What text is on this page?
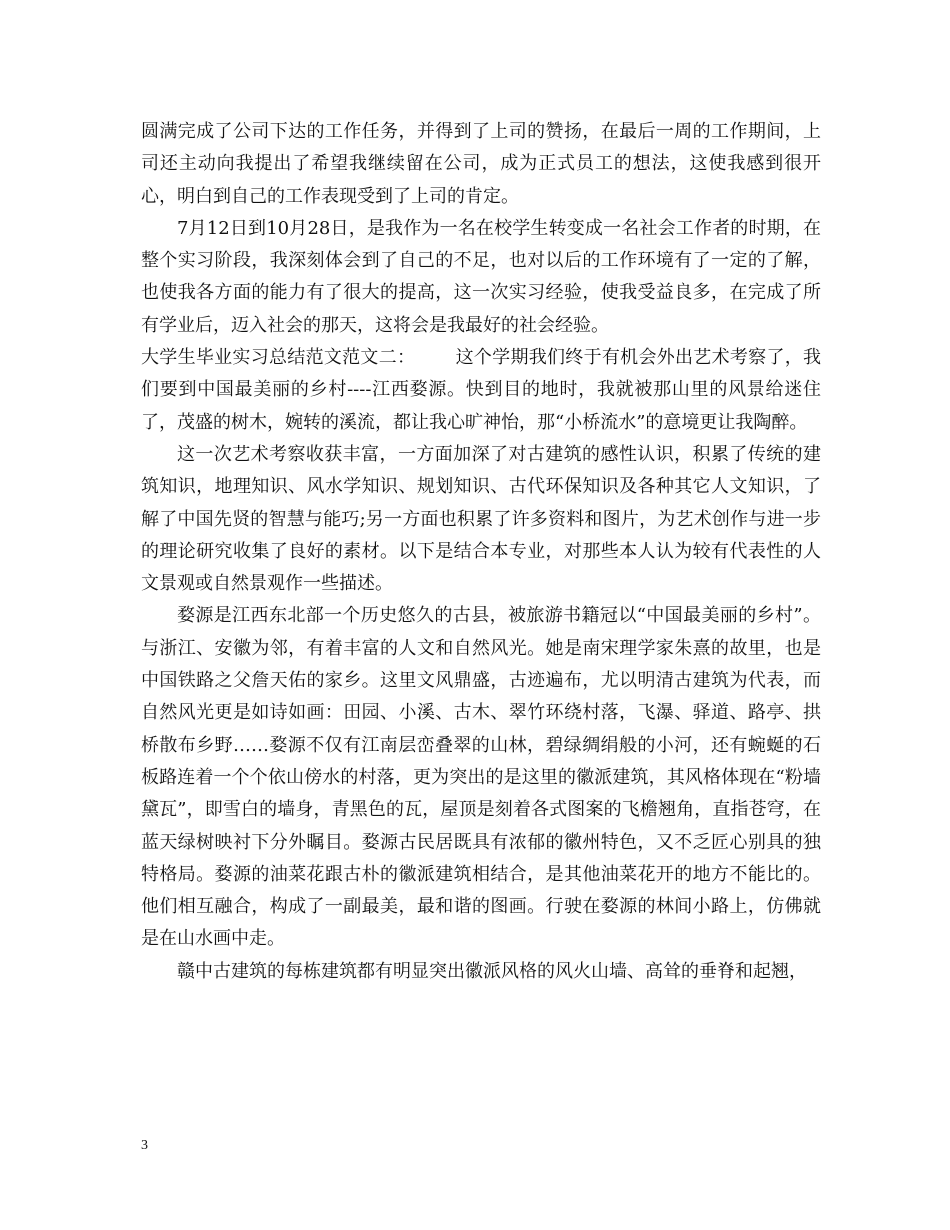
圆满完成了公司下达的工作任务，并得到了上司的赞扬，在最后一周的工作期间，上司还主动向我提出了希望我继续留在公司，成为正式员工的想法，这使我感到很开心，明白到自己的工作表现受到了上司的肯定。

7月12日到10月28日，是我作为一名在校学生转变成一名社会工作者的时期，在整个实习阶段，我深刻体会到了自己的不足，也对以后的工作环境有了一定的了解，也使我各方面的能力有了很大的提高，这一次实习经验，使我受益良多，在完成了所有学业后，迈入社会的那天，这将会是我最好的社会经验。

大学生毕业实习总结范文范文二： 这个学期我们终于有机会外出艺术考察了，我们要到中国最美丽的乡村----江西婺源。快到目的地时，我就被那山里的风景给迷住了，茂盛的树木，婉转的溪流，都让我心旷神怡，那“小桥流水”的意境更让我陶醉。

这一次艺术考察收获丰富，一方面加深了对古建筑的感性认识，积累了传统的建筑知识，地理知识、风水学知识、规划知识、古代环保知识及各种其它人文知识，了解了中国先贤的智慧与能巧;另一方面也积累了许多资料和图片，为艺术创作与进一步的理论研究收集了良好的素材。以下是结合本专业，对那些本人认为较有代表性的人文景观或自然景观作一些描述。

婺源是江西东北部一个历史悠久的古县，被旅游书籍冠以“中国最美丽的乡村”。与浙江、安徽为邻，有着丰富的人文和自然风光。她是南宋理学家朱熹的故里，也是中国铁路之父詹天佑的家乡。这里文风鼎盛，古迹遍布，尤以明清古建筑为代表，而自然风光更是如诗如画：田园、小溪、古木、翠竹环绕村落，飞瀑、驿道、路亭、拱桥散布乡野……婺源不仅有江南层峦叠翠的山林，碧绿绸绢般的小河，还有蜿蜒的石板路连着一个个依山傍水的村落，更为突出的是这里的徽派建筑，其风格体现在“粉墙黛瓦”，即雪白的墙身，青黑色的瓦，屋顶是刻着各式图案的飞檐翘角，直指苍穹，在蓝天绿树映衬下分外瞩目。婺源古民居既具有浓郁的徽州特色，又不乏匠心别具的独特格局。婺源的油菜花跟古朴的徽派建筑相结合，是其他油菜花开的地方不能比的。他们相互融合，构成了一副最美，最和谐的图画。行驶在婺源的林间小路上，仿佛就是在山水画中走。

赣中古建筑的每栋建筑都有明显突出徽派风格的风火山墙、高耸的垂脊和起翘，

3
